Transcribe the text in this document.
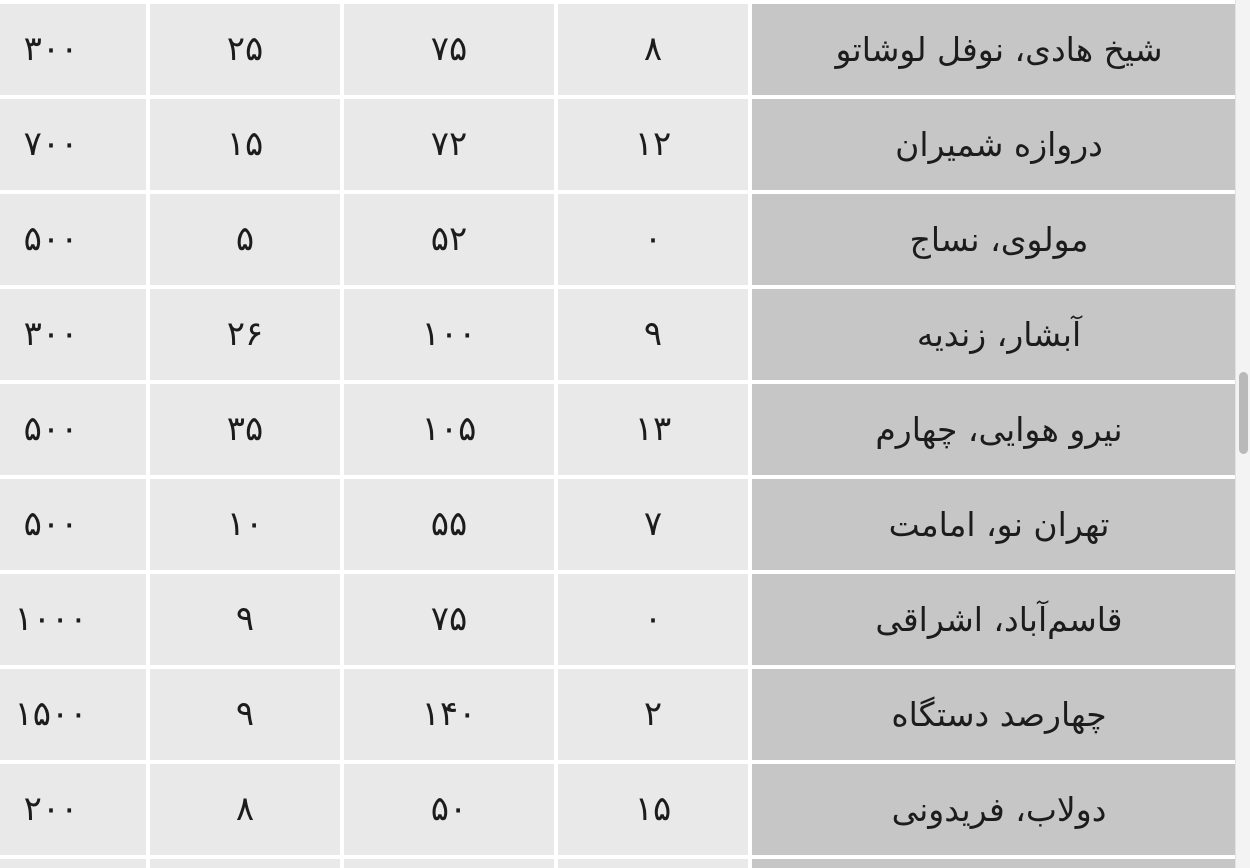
شیخ هادی، نوفل لوشاتو	۸	۷۵	۲۵	۳۰۰
دروازه شمیران	۱۲	۷۲	۱۵	۷۰۰
مولوی، نساج	۰	۵۲	۵	۵۰۰
آبشار، زندیه	۹	۱۰۰	۲۶	۳۰۰
نیرو هوایی، چهارم	۱۳	۱۰۵	۳۵	۵۰۰
تهران نو، امامت	۷	۵۵	۱۰	۵۰۰
قاسم‌آباد، اشراقی	۰	۷۵	۹	۱۰۰۰
چهارصد دستگاه	۲	۱۴۰	۹	۱۵۰۰
دولاب، فریدونی	۱۵	۵۰	۸	۲۰۰
